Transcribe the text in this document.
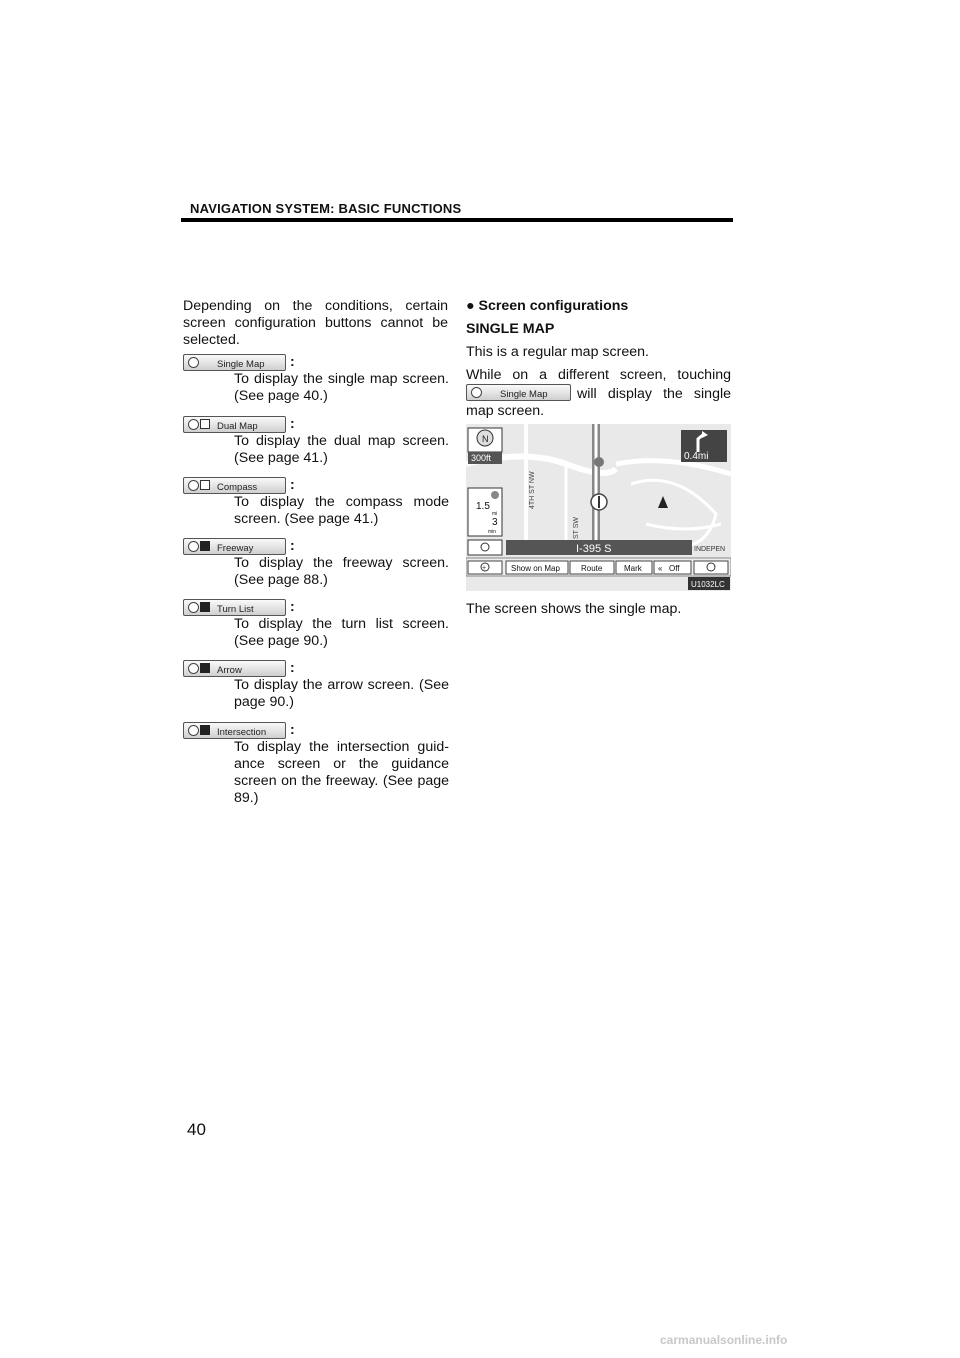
NAVIGATION SYSTEM: BASIC FUNCTIONS
Depending on the conditions, certain screen configuration buttons cannot be selected.
Single Map :
To display the single map screen.
(See page 40.)
Dual Map :
To display the dual map screen.
(See page 41.)
Compass :
To display the compass mode
screen. (See page 41.)
Freeway	:
To display the freeway screen.
(See page 88.)
Turn List	:
To display the turn list screen.
(See page 90.)
Arrow	:
To display the arrow screen. (See
page 90.)
Intersection :
To display the intersection guid-
ance screen or the guidance
screen on the freeway. (See page
89.)
● Screen configurations
SINGLE MAP
This is a regular map screen.
While on a different screen, touching
Single Map will display the single map screen.
4TH ST NW
ST SW
N
300ft	0.4mi
1.5
mi
3
min
I-395 S	INDEPEN
+	Show on Map	Route	Mark « Off
U1032LC
The screen shows the single map.
40
carmanualsonline.info
